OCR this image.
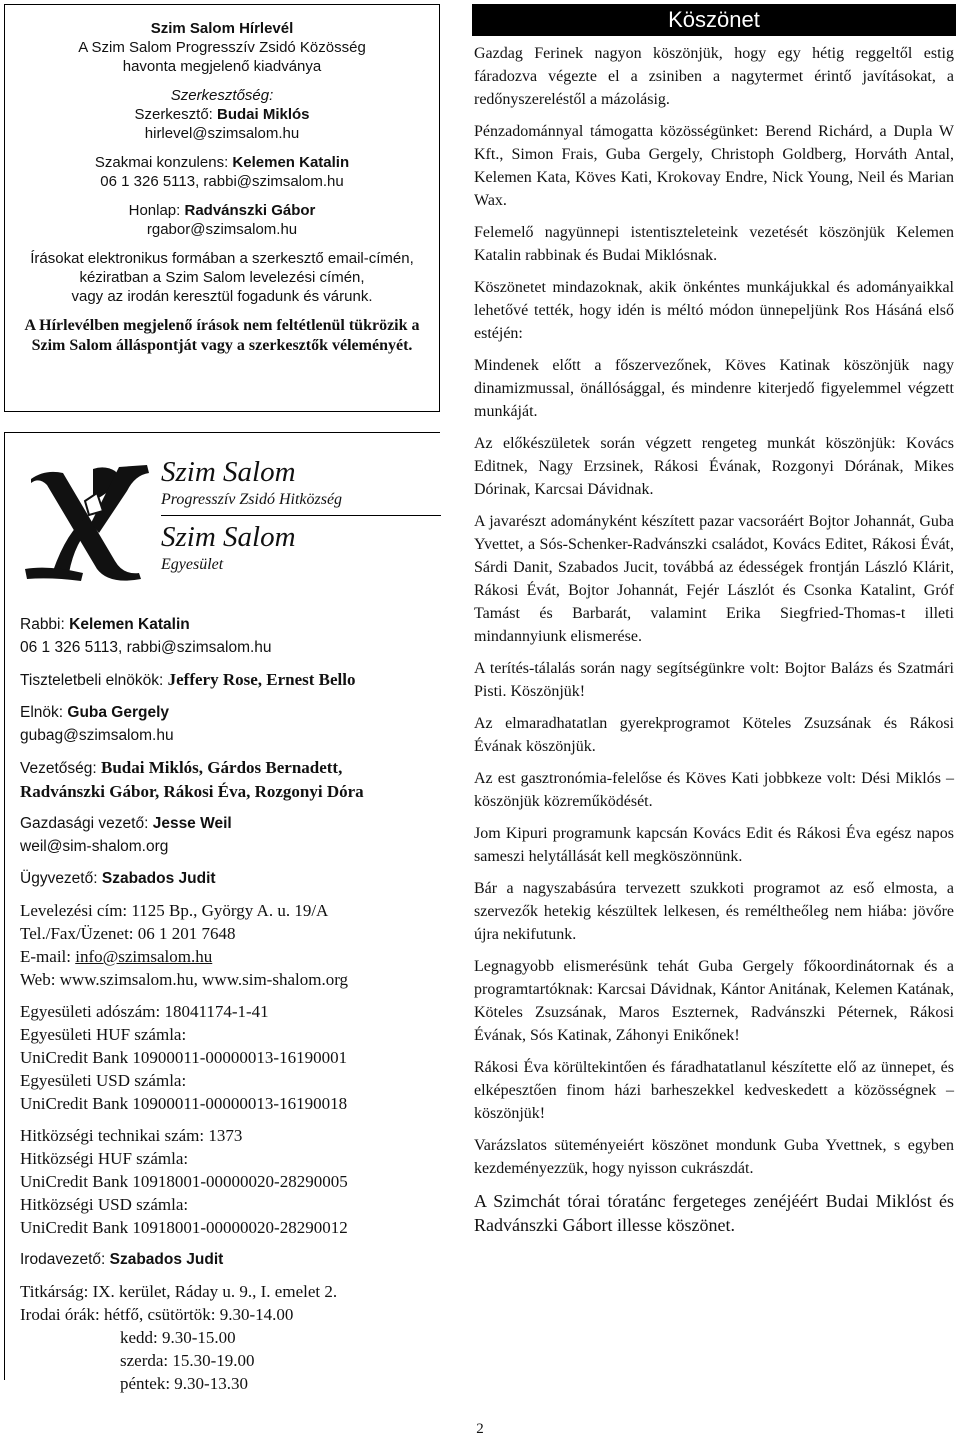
Szim Salom Hírlevél

A Szim Salom Progresszív Zsidó Közösség

havonta megjelenő kiadványa

Szerkesztőség:

Szerkesztő: Budai Miklós

hirlevel@szimsalom.hu

Szakmai konzulens: Kelemen Katalin

06 1 326 5113, rabbi@szimsalom.hu

Honlap: Radvánszki Gábor

rgabor@szimsalom.hu

Írásokat elektronikus formában a szerkesztő email-címén,

kéziratban a Szim Salom levelezési címén,

vagy az irodán keresztül fogadunk és várunk.

A Hírlevélben megjelenő írások nem feltétlenül tükrözik a

Szim Salom álláspontját vagy a szerkesztők véleményét.

Szim Salom
Progresszív Zsidó Hitközség
Szim Salom
Egyesület
Rabbi: Kelemen Katalin
06 1 326 5113, rabbi@szimsalom.hu
Tiszteletbeli elnökök: Jeffery Rose, Ernest Bello
Elnök: Guba Gergely
gubag@szimsalom.hu
Vezetőség: Budai Miklós, Gárdos Bernadett,
Radvánszki Gábor, Rákosi Éva, Rozgonyi Dóra
Gazdasági vezető: Jesse Weil
weil@sim-shalom.org
Ügyvezető: Szabados Judit
Levelezési cím: 1125 Bp., György A. u. 19/A
Tel./Fax/Üzenet: 06 1 201 7648
E-mail: info@szimsalom.hu
Web: www.szimsalom.hu, www.sim-shalom.org
Egyesületi adószám: 18041174-1-41
Egyesületi HUF számla:
UniCredit Bank 10900011-00000013-16190001
Egyesületi USD számla:
UniCredit Bank 10900011-00000013-16190018
Hitközségi technikai szám: 1373
Hitközségi HUF számla:
UniCredit Bank 10918001-00000020-28290005
Hitközségi USD számla:
UniCredit Bank 10918001-00000020-28290012
Irodavezető: Szabados Judit
Titkárság: IX. kerület, Ráday u. 9., I. emelet 2.
Irodai órák: hétfő, csütörtök: 9.30-14.00
kedd: 9.30-15.00
szerda: 15.30-19.00
péntek: 9.30-13.30
Köszönet

Gazdag Ferinek nagyon köszönjük, hogy egy hétig reggeltől estig fáradozva végezte el a zsiniben a nagytermet érintő javításokat, a redőnyszereléstől a mázolásig.

Pénzadománnyal támogatta közösségünket: Berend Richárd, a Dupla W Kft., Simon Frais, Guba Gergely, Christoph Goldberg, Horváth Antal, Kelemen Kata, Köves Kati, Krokovay Endre, Nick Young, Neil és Marian Wax.

Felemelő nagyünnepi istentiszteleteink vezetését köszönjük Kelemen Katalin rabbinak és Budai Miklósnak.

Köszönetet mindazoknak, akik önkéntes munkájukkal és adományaikkal lehetővé tették, hogy idén is méltó módon ünnepeljünk Ros Hásáná első estéjén:

Mindenek előtt a főszervezőnek, Köves Katinak köszönjük nagy dinamizmussal, önállósággal, és mindenre kiterjedő figyelemmel végzett munkáját.

Az előkészületek során végzett rengeteg munkát köszönjük: Kovács Editnek, Nagy Erzsinek, Rákosi Évának, Rozgonyi Dórának, Mikes Dórinak, Karcsai Dávidnak.

A javarészt adományként készített pazar vacsoráért Bojtor Johannát, Guba Yvettet, a Sós-Schenker-Radvánszki családot, Kovács Editet, Rákosi Évát, Sárdi Danit, Szabados Jucit, továbbá az édességek frontján László Klárit, Rákosi Évát, Bojtor Johannát, Fejér Lászlót és Csonka Katalint, Gróf Tamást és Barbarát, valamint Erika Siegfried-Thomas-t illeti mindannyiunk elismerése.

A terítés-tálalás során nagy segítségünkre volt: Bojtor Balázs és Szatmári Pisti. Köszönjük!

Az elmaradhatatlan gyerekprogramot Köteles Zsuzsának és Rákosi Évának köszönjük.

Az est gasztronómia-felelőse és Köves Kati jobbkeze volt: Dési Miklós – köszönjük közreműködését.

Jom Kipuri programunk kapcsán Kovács Edit és Rákosi Éva egész napos sameszi helytállását kell megköszönnünk.

Bár a nagyszabásúra tervezett szukkoti programot az eső elmosta, a szervezők hetekig készültek lelkesen, és reméltheőleg nem hiába: jövőre újra nekifutunk.

Legnagyobb elismerésünk tehát Guba Gergely főkoordinátornak és a programtartóknak: Karcsai Dávidnak, Kántor Anitának, Kelemen Katának, Köteles Zsuzsának, Maros Eszternek, Radvánszki Péternek, Rákosi Évának, Sós Katinak, Záhonyi Enikőnek!

Rákosi Éva körültekintően és fáradhatatlanul készítette elő az ünnepet, és elképesztően finom házi barheszekkel kedveskedett a közösségnek – köszönjük!

Varázslatos süteményeiért köszönet mondunk Guba Yvettnek, s egyben kezdeményezzük, hogy nyisson cukrászdát.

A Szimchát tórai tóratánc fergeteges zenéjéért Budai Miklóst és Radvánszki Gábort illesse köszönet.

2
